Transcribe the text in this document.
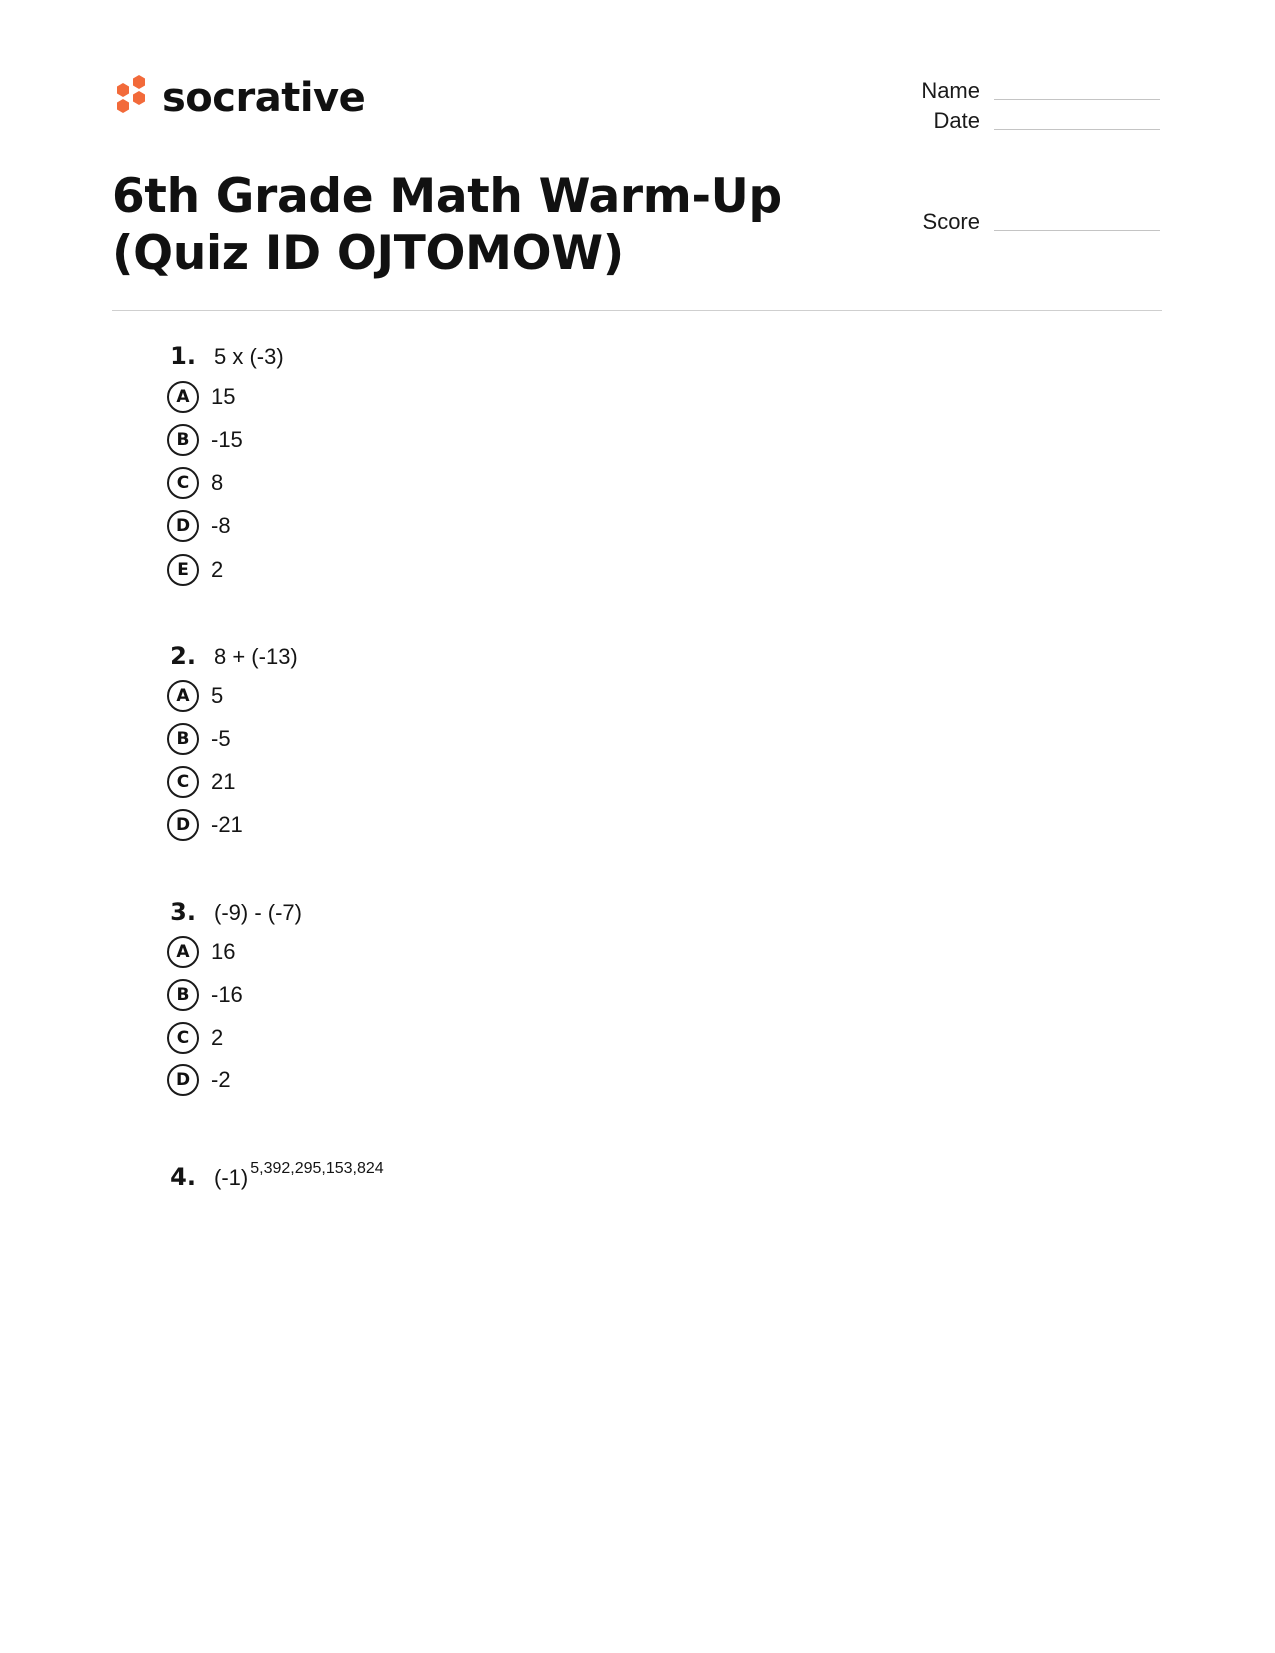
socrative	Name
Date
Score
6th Grade Math Warm-Up (Quiz ID OJTOMOW)
1. 5 x (-3)
A 15
B -15
C 8
D -8
E	2
2. 8 + (-13)
A 5
B -5
C 21
D -21
3. (-9) - (-7)
A 16
B -16
C 2
D -2
4. (-1) $^{5,392,295,153,824}$
